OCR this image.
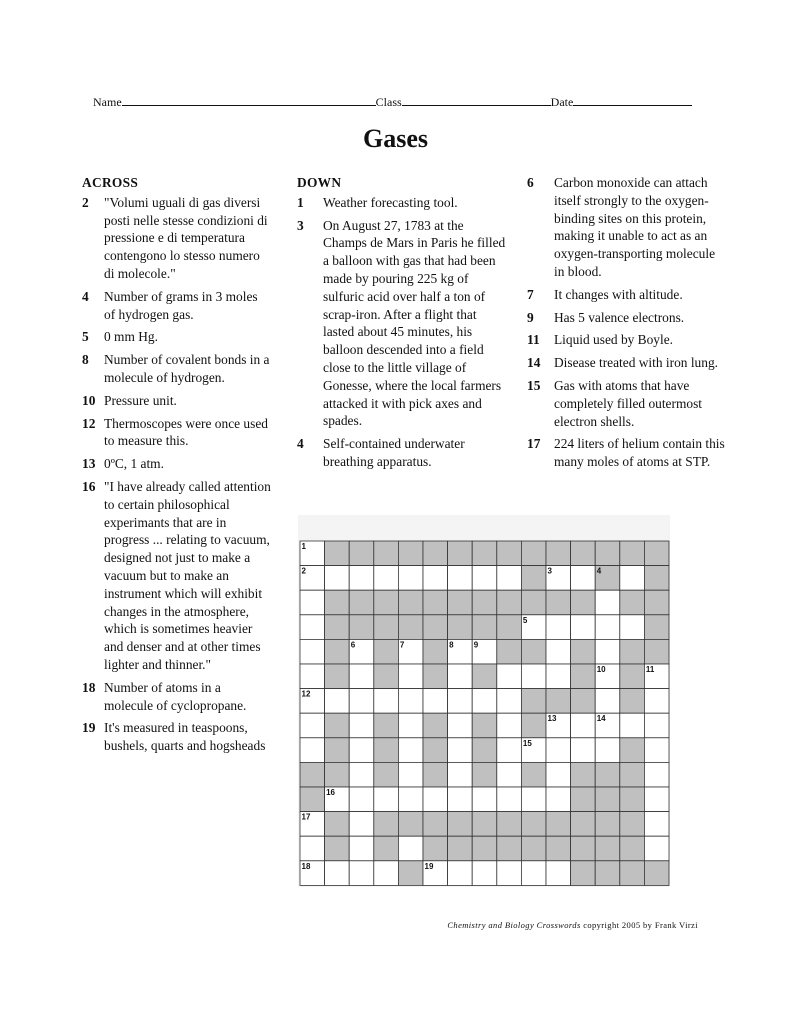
Name	Class	Date
Gases
ACROSS
2	"Volumi uguali di gas diversi posti nelle stesse condizioni di pressione e di temperatura contengono lo stesso numero di molecole."
4	Number of grams in 3 moles of hydrogen gas.
5	0 mm Hg.
8	Number of covalent bonds in a molecule of hydrogen.
10 Pressure unit.
12 Thermoscopes were once used to measure this.
13 0ºC, 1 atm.
16 "I have already called attention to certain philosophical experimants that are in progress ... relating to vacuum, designed not just to make a vacuum but to make an instrument which will exhibit changes in the atmosphere, which is sometimes heavier and denser and at other times lighter and thinner."
18 Number of atoms in a molecule of cyclopropane.
19 It's measured in teaspoons, bushels, quarts and hogsheads
DOWN
1	Weather forecasting tool.
3	On August 27, 1783 at the Champs de Mars in Paris he filled a balloon with gas that had been made by pouring 225 kg of sulfuric acid over half a ton of scrap-iron. After a flight that lasted about 45 minutes, his balloon descended into a field close to the little village of Gonesse, where the local farmers attacked it with pick axes and spades.
4	Self-contained underwater breathing apparatus.
6	Carbon monoxide can attach itself strongly to the oxygen- binding sites on this protein, making it unable to act as an oxygen-transporting molecule in blood.
7	It changes with altitude.
9	Has 5 valence electrons.
11	Liquid used by Boyle.
14	Disease treated with iron lung.
15	Gas with atoms that have completely filled outermost electron shells.
17	224 liters of helium contain this many moles of atoms at STP.
1
2	3	4
5
6	7	8	9
10	11
12
13	14
15
16
17
18	19
Chemistry and Biology Crosswords copyright 2005 by Frank Virzi
